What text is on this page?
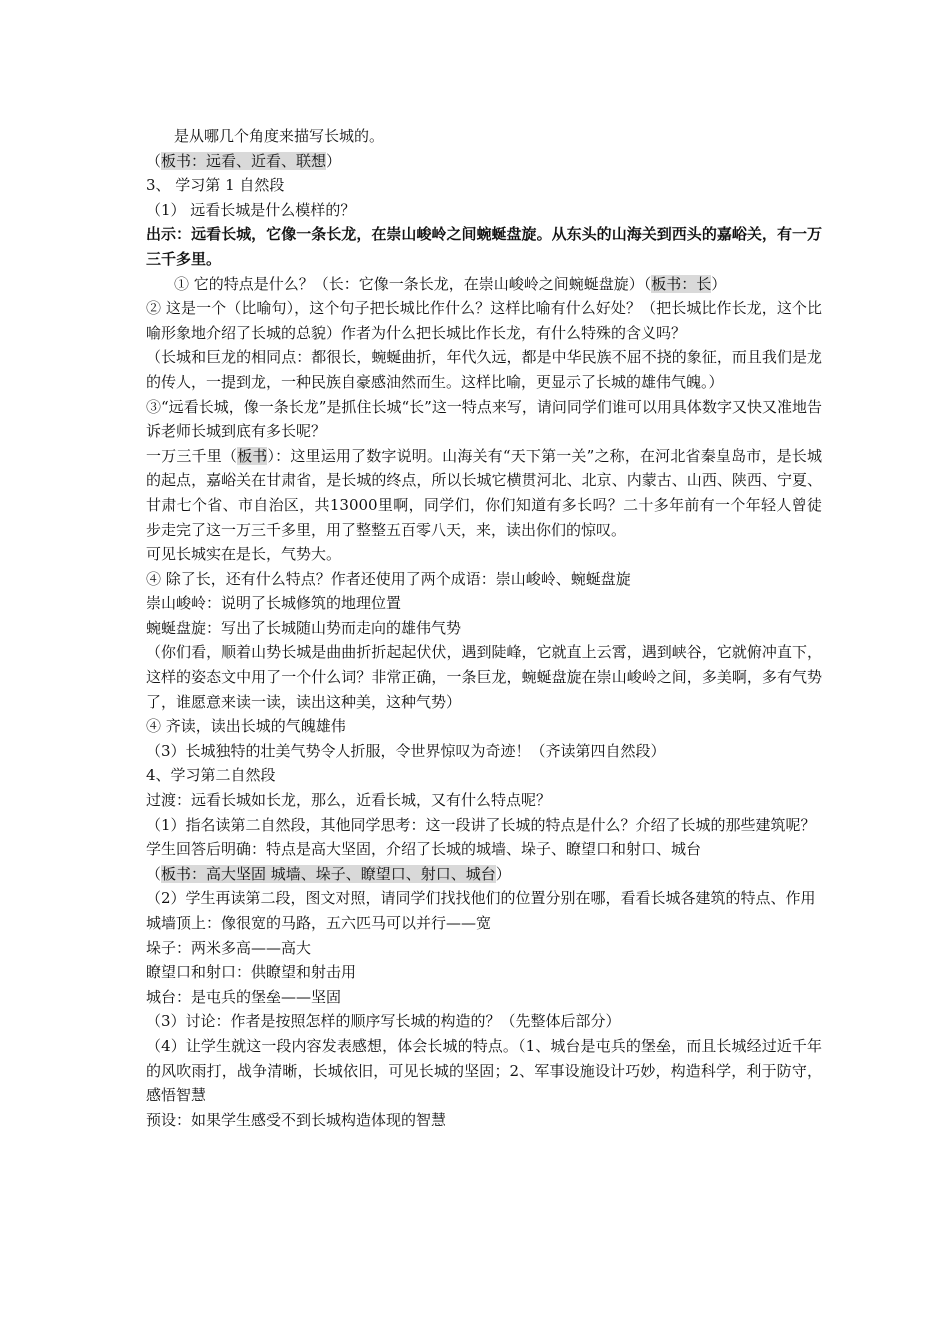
是从哪几个角度来描写长城的。
（板书：远看、近看、联想）
3、 学习第 1 自然段
（1） 远看长城是什么模样的？
出示：远看长城，它像一条长龙，在崇山峻岭之间蜿蜒盘旋。从东头的山海关到西头的嘉峪关，有一万三千多里。
① 它的特点是什么？（长：它像一条长龙，在崇山峻岭之间蜿蜒盘旋）（板书：长）
② 这是一个（比喻句），这个句子把长城比作什么？这样比喻有什么好处？（把长城比作长龙，这个比喻形象地介绍了长城的总貌）作者为什么把长城比作长龙，有什么特殊的含义吗？
（长城和巨龙的相同点：都很长，蜿蜒曲折，年代久远，都是中华民族不屈不挠的象征，而且我们是龙的传人，一提到龙，一种民族自豪感油然而生。这样比喻，更显示了长城的雄伟气魄。）
③“远看长城，像一条长龙”是抓住长城“长”这一特点来写，请问同学们谁可以用具体数字又快又准地告诉老师长城到底有多长呢？
一万三千里（板书）：这里运用了数字说明。山海关有“天下第一关”之称，在河北省秦皇岛市，是长城的起点，嘉峪关在甘肃省，是长城的终点，所以长城它横贯河北、北京、内蒙古、山西、陕西、宁夏、甘肃七个省、市自治区，共13000里啊，同学们，你们知道有多长吗？二十多年前有一个年轻人曾徒步走完了这一万三千多里，用了整整五百零八天，来，读出你们的惊叹。
可见长城实在是长，气势大。
④ 除了长，还有什么特点？作者还使用了两个成语：崇山峻岭、蜿蜒盘旋
崇山峻岭：说明了长城修筑的地理位置
蜿蜒盘旋：写出了长城随山势而走向的雄伟气势
（你们看，顺着山势长城是曲曲折折起起伏伏，遇到陡峰，它就直上云霄，遇到峡谷，它就俯冲直下，这样的姿态文中用了一个什么词？非常正确，一条巨龙，蜿蜒盘旋在崇山峻岭之间，多美啊，多有气势了，谁愿意来读一读，读出这种美，这种气势）
④ 齐读，读出长城的气魄雄伟
（3）长城独特的壮美气势令人折服，令世界惊叹为奇迹！（齐读第四自然段）
4、学习第二自然段
过渡：远看长城如长龙，那么，近看长城，又有什么特点呢？
（1）指名读第二自然段，其他同学思考：这一段讲了长城的特点是什么？介绍了长城的那些建筑呢？
学生回答后明确：特点是高大坚固，介绍了长城的城墙、垛子、瞭望口和射口、城台
（板书：高大坚固 城墙、垛子、瞭望口、射口、城台）
（2）学生再读第二段，图文对照，请同学们找找他们的位置分别在哪，看看长城各建筑的特点、作用
城墙顶上：像很宽的马路，五六匹马可以并行——宽
垛子：两米多高——高大
瞭望口和射口：供瞭望和射击用
城台：是屯兵的堡垒——坚固
（3）讨论：作者是按照怎样的顺序写长城的构造的？（先整体后部分）
（4）让学生就这一段内容发表感想，体会长城的特点。（1、城台是屯兵的堡垒，而且长城经过近千年的风吹雨打，战争清晰，长城依旧，可见长城的坚固；2、军事设施设计巧妙，构造科学，利于防守，感悟智慧
预设：如果学生感受不到长城构造体现的智慧
